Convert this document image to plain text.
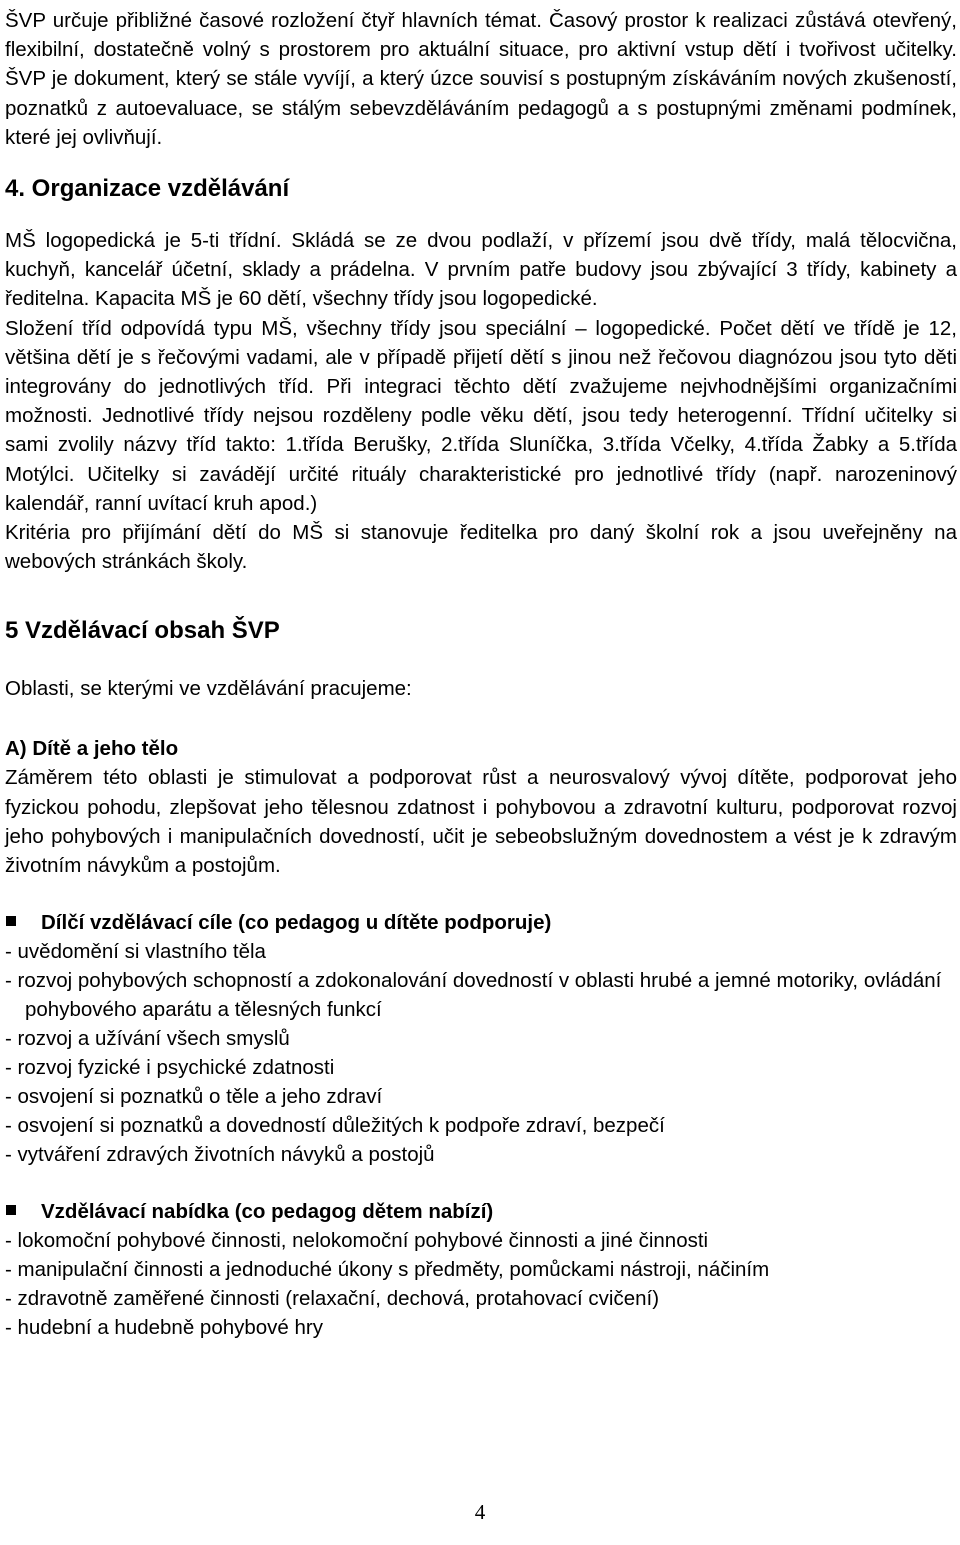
ŠVP určuje přibližné časové rozložení čtyř hlavních témat. Časový prostor k realizaci zůstává otevřený, flexibilní, dostatečně volný s prostorem pro aktuální situace, pro aktivní vstup dětí i tvořivost učitelky. ŠVP je dokument, který se stále vyvíjí, a který úzce souvisí s postupným získáváním nových zkušeností, poznatků z autoevaluace, se stálým sebevzděláváním pedagogů a s postupnými změnami podmínek, které jej ovlivňují.

4. Organizace vzdělávání

MŠ logopedická je 5-ti třídní. Skládá se ze dvou podlaží, v přízemí jsou dvě třídy, malá tělocvična, kuchyň, kancelář účetní, sklady a prádelna. V prvním patře budovy jsou zbývající 3 třídy, kabinety a ředitelna. Kapacita MŠ je 60 dětí, všechny třídy jsou logopedické.

Složení tříd odpovídá typu MŠ, všechny třídy jsou speciální – logopedické. Počet dětí ve třídě je 12, většina dětí je s řečovými vadami, ale v případě přijetí dětí s jinou než řečovou diagnózou jsou tyto děti integrovány do jednotlivých tříd. Při integraci těchto dětí zvažujeme nejvhodnějšími organizačními možnosti. Jednotlivé třídy nejsou rozděleny podle věku dětí, jsou tedy heterogenní. Třídní učitelky si sami zvolily názvy tříd takto: 1.třída Berušky, 2.třída Sluníčka, 3.třída Včelky, 4.třída Žabky a 5.třída Motýlci. Učitelky si zavádějí určité rituály charakteristické pro jednotlivé třídy (např. narozeninový kalendář, ranní uvítací kruh apod.)

Kritéria pro přijímání dětí do MŠ si stanovuje ředitelka pro daný školní rok a jsou uveřejněny na webových stránkách školy.

5 Vzdělávací obsah ŠVP
Oblasti, se kterými ve vzdělávání pracujeme:
A) Dítě a jeho tělo

Záměrem této oblasti je stimulovat a podporovat růst a neurosvalový vývoj dítěte, podporovat jeho fyzickou pohodu, zlepšovat jeho tělesnou zdatnost i pohybovou a zdravotní kulturu, podporovat rozvoj jeho pohybových i manipulačních dovedností, učit je sebeobslužným dovednostem a vést je k zdravým životním návykům a postojům.

Dílčí vzdělávací cíle (co pedagog u dítěte podporuje)
- uvědomění si vlastního těla
- rozvoj pohybových schopností a zdokonalování dovedností v oblasti hrubé a jemné motoriky, ovládání pohybového aparátu a tělesných funkcí
- rozvoj a užívání všech smyslů
- rozvoj fyzické i psychické zdatnosti
- osvojení si poznatků o těle a jeho zdraví
- osvojení si poznatků a dovedností důležitých k podpoře zdraví, bezpečí
- vytváření zdravých životních návyků a postojů
Vzdělávací nabídka (co pedagog dětem nabízí)
- lokomoční pohybové činnosti, nelokomoční pohybové činnosti a jiné činnosti
- manipulační činnosti a jednoduché úkony s předměty, pomůckami nástroji, náčiním
- zdravotně zaměřené činnosti (relaxační, dechová, protahovací cvičení)
- hudební a hudebně pohybové hry
4
